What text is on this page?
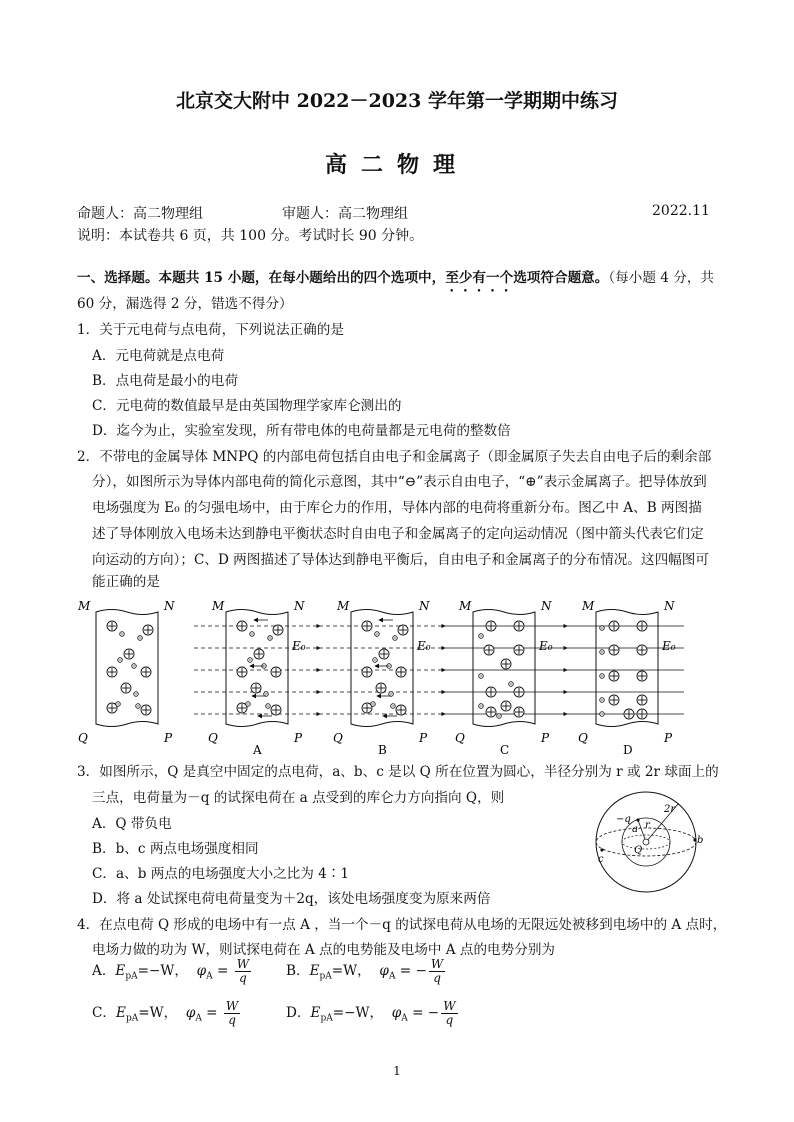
北京交大附中 2022－2023 学年第一学期期中练习
高二物理
命题人：高二物理组	审题人：高二物理组	2022.11
说明：本试卷共 6 页，共 100 分。考试时长 90 分钟。
一、选择题。本题共 15 小题，在每小题给出的四个选项中，至少有一个选项符合题意。（每小题 4 分，共
60 分，漏选得 2 分，错选不得分）
1．关于元电荷与点电荷，下列说法正确的是
A．元电荷就是点电荷
B．点电荷是最小的电荷
C．元电荷的数值最早是由英国物理学家库仑测出的
D．迄今为止，实验室发现，所有带电体的电荷量都是元电荷的整数倍
2．不带电的金属导体 MNPQ 的内部电荷包括自由电子和金属离子（即金属原子失去自由电子后的剩余部
分），如图所示为导体内部电荷的简化示意图，其中“⊖”表示自由电子，“⊕”表示金属离子。把导体放到
电场强度为 E₀ 的匀强电场中，由于库仑力的作用，导体内部的电荷将重新分布。图乙中 A、B 两图描
述了导体刚放入电场未达到静电平衡状态时自由电子和金属离子的定向运动情况（图中箭头代表它们定
向运动的方向）；C、D 两图描述了导体达到静电平衡后，自由电子和金属离子的分布情况。这四幅图可
能正确的是
M	N
Q	P
M	N
Q	P
E₀
A
M	N
Q	P
E₀
B
M	N
Q	P
E₀
C
M	N
Q	P
E₀
D
3．如图所示，Q 是真空中固定的点电荷，a、b、c 是以 Q 所在位置为圆心，半径分别为 r 或 2r 球面上的
三点，电荷量为－q 的试探电荷在 a 点受到的库仑力方向指向 Q，则
A．Q 带负电
B．b、c 两点电场强度相同
C．a、b 两点的电场强度大小之比为 4∶1
D．将 a 处试探电荷电荷量变为＋2q，该处电场强度变为原来两倍
−q
a r
2r
Q
b
c
4．在点电荷 Q 形成的电场中有一点 A ，当一个－q 的试探电荷从电场的无限远处被移到电场中的 A 点时，
电场力做的功为 W，则试探电荷在 A 点的电势能及电场中 A 点的电势分别为
A．$E_{pA}=-W$， $\varphi_A = \frac{W}{q}$	B．$E_{pA}=W$， $\varphi_A$ = − $\frac{W}{q}$
C．$E_{pA}=W$， $\varphi_A = \frac{W}{q}$	D．$E_{pA}=-W$， $\varphi_A$ = − $\frac{W}{q}$
1
